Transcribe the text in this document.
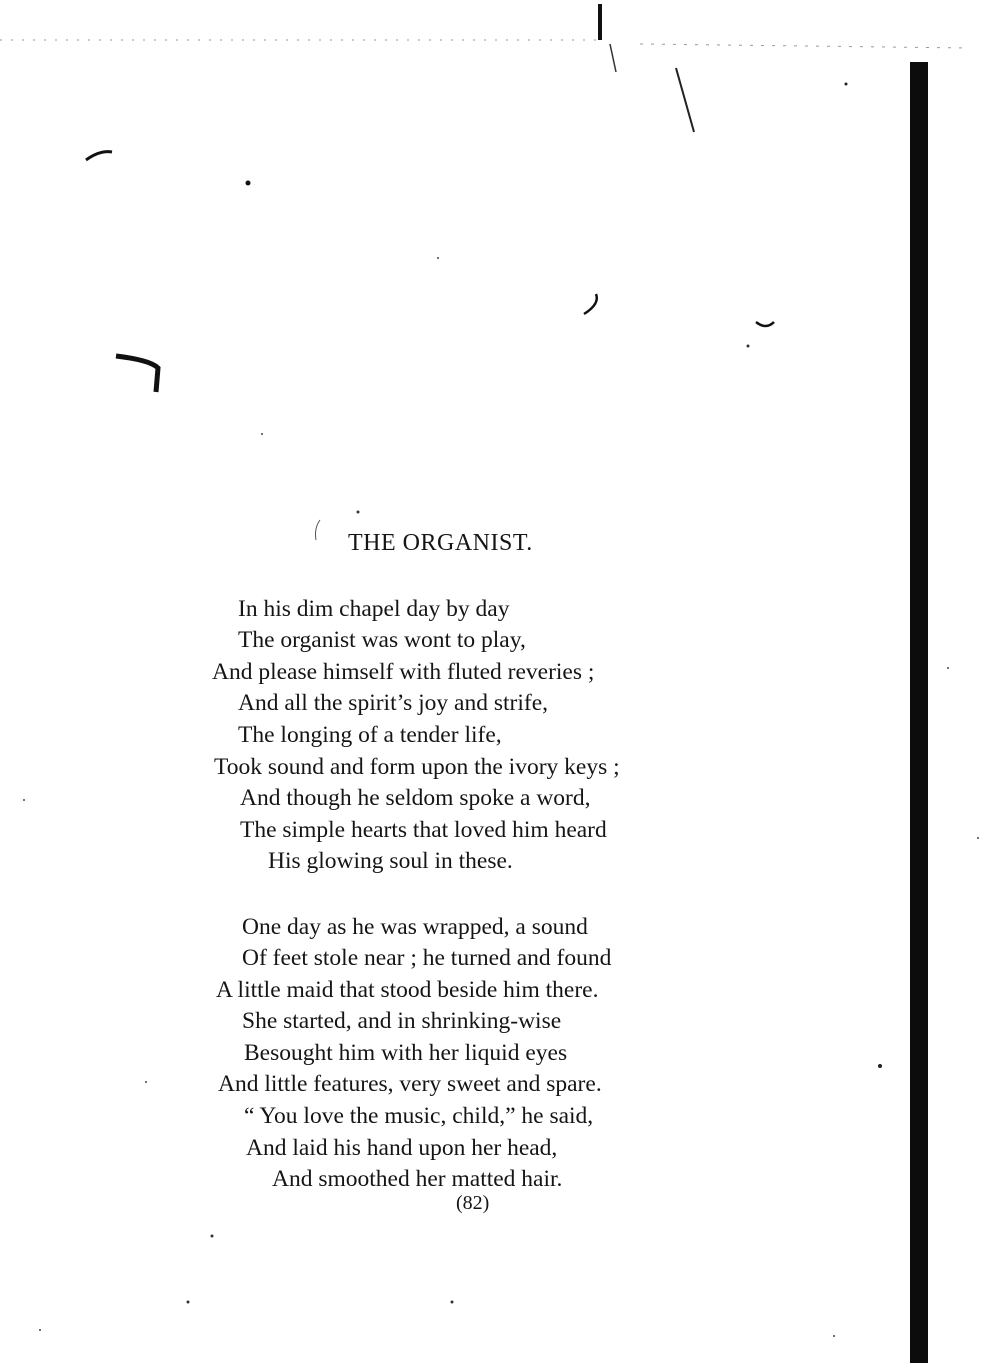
THE ORGANIST.
In his dim chapel day by day
The organist was wont to play,
And please himself with fluted reveries ;
And all the spirit’s joy and strife,
The longing of a tender life,
Took sound and form upon the ivory keys ;
And though he seldom spoke a word,
The simple hearts that loved him heard
His glowing soul in these.
One day as he was wrapped, a sound
Of feet stole near ; he turned and found
A little maid that stood beside him there.
She started, and in shrinking-wise
Besought him with her liquid eyes
And little features, very sweet and spare.
“ You love the music, child,” he said,
And laid his hand upon her head,
And smoothed her matted hair.
(82)
